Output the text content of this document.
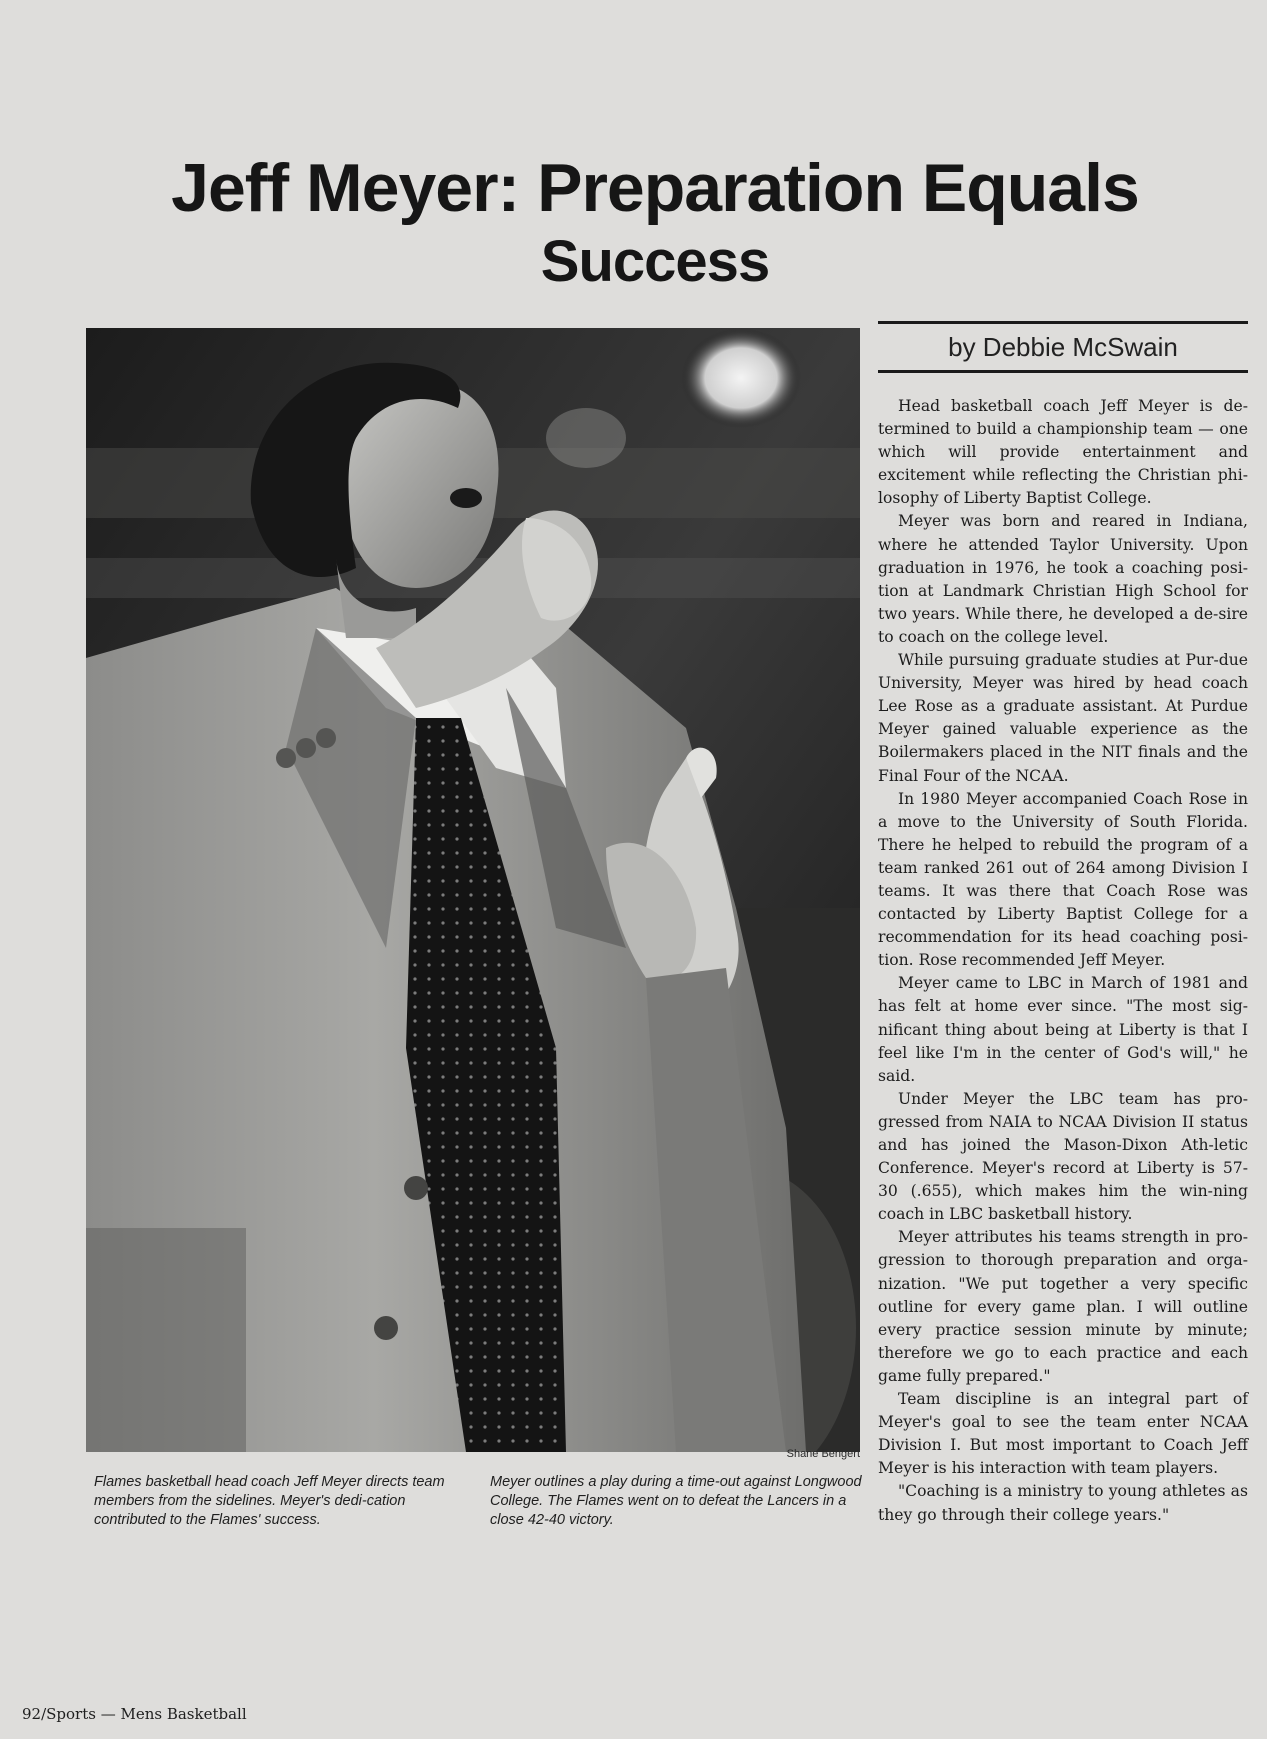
Jeff Meyer: Preparation Equals
Success
Shane Bengert
Flames basketball head coach Jeff Meyer directs team members from the sidelines. Meyer's dedi-cation contributed to the Flames' success.
Meyer outlines a play during a time-out against Longwood College. The Flames went on to defeat the Lancers in a close 42-40 victory.
by Debbie McSwain

Head basketball coach Jeff Meyer is de-termined to build a championship team — one which will provide entertainment and excitement while reflecting the Christian phi-losophy of Liberty Baptist College.

Meyer was born and reared in Indiana, where he attended Taylor University. Upon graduation in 1976, he took a coaching posi-tion at Landmark Christian High School for two years. While there, he developed a de-sire to coach on the college level.

While pursuing graduate studies at Pur-due University, Meyer was hired by head coach Lee Rose as a graduate assistant. At Purdue Meyer gained valuable experience as the Boilermakers placed in the NIT finals and the Final Four of the NCAA.

In 1980 Meyer accompanied Coach Rose in a move to the University of South Florida. There he helped to rebuild the program of a team ranked 261 out of 264 among Division I teams. It was there that Coach Rose was contacted by Liberty Baptist College for a recommendation for its head coaching posi-tion. Rose recommended Jeff Meyer.

Meyer came to LBC in March of 1981 and has felt at home ever since. "The most sig-nificant thing about being at Liberty is that I feel like I'm in the center of God's will," he said.

Under Meyer the LBC team has pro-gressed from NAIA to NCAA Division II status and has joined the Mason-Dixon Ath-letic Conference. Meyer's record at Liberty is 57-30 (.655), which makes him the win-ning coach in LBC basketball history.

Meyer attributes his teams strength in pro-gression to thorough preparation and orga-nization. "We put together a very specific outline for every game plan. I will outline every practice session minute by minute; therefore we go to each practice and each game fully prepared."

Team discipline is an integral part of Meyer's goal to see the team enter NCAA Division I. But most important to Coach Jeff Meyer is his interaction with team players.

"Coaching is a ministry to young athletes as they go through their college years."

92/Sports — Mens Basketball
